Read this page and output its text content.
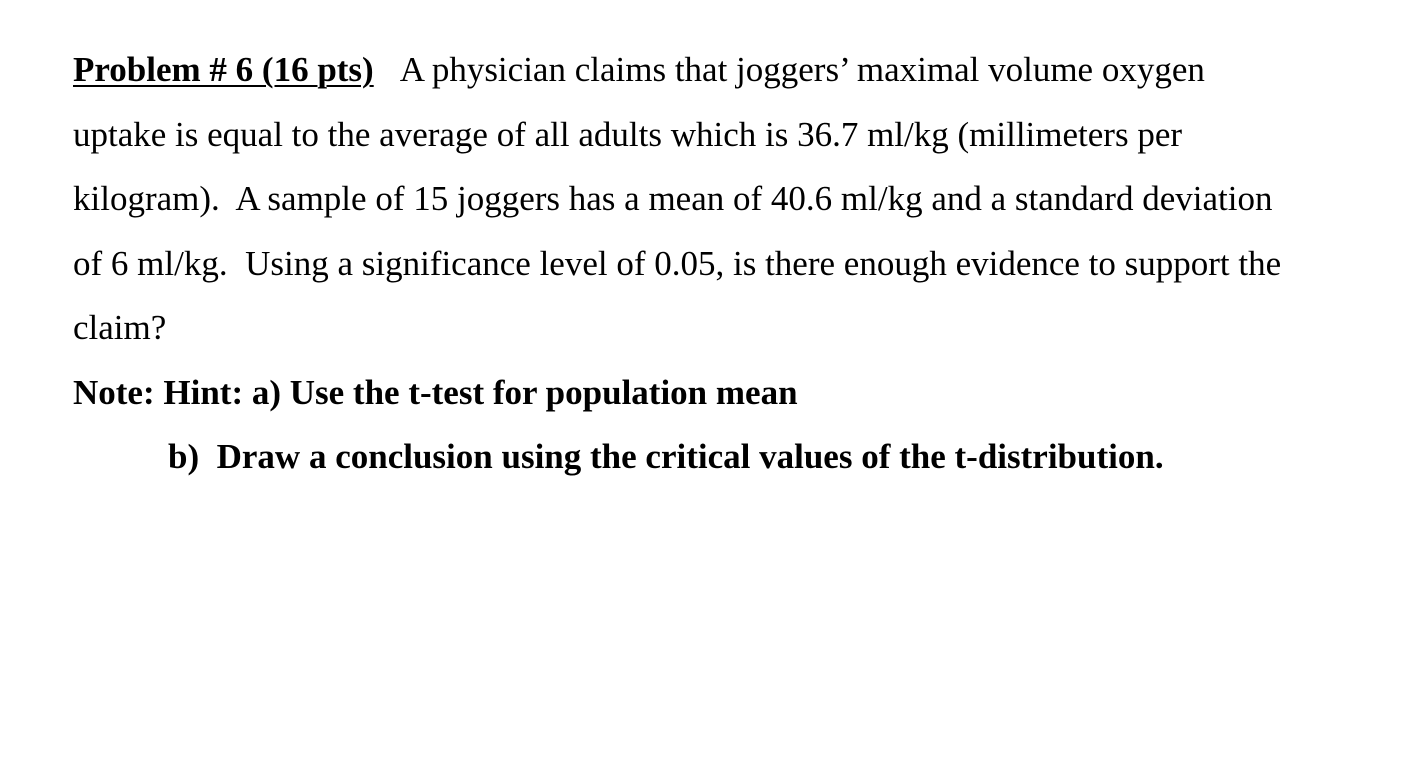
Problem # 6 (16 pts) A physician claims that joggers’ maximal volume oxygen

uptake is equal to the average of all adults which is 36.7 ml/kg (millimeters per

kilogram).  A sample of 15 joggers has a mean of 40.6 ml/kg and a standard deviation

of 6 ml/kg.  Using a significance level of 0.05, is there enough evidence to support the

claim?

Note: Hint: a) Use the t-test for population mean

b)  Draw a conclusion using the critical values of the t-distribution.
